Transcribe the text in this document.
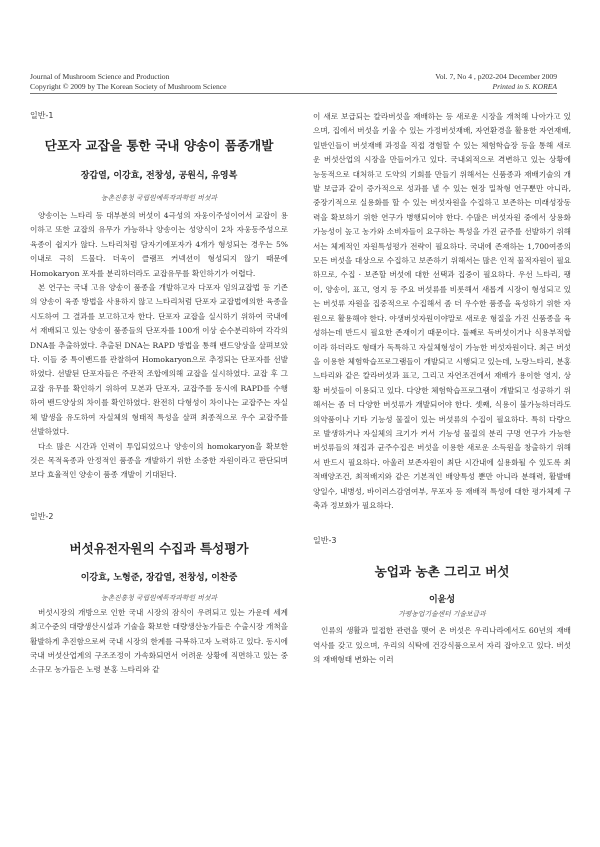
Journal of Mushroom Science and Production
Copyright © 2009 by The Korean Society of Mushroom Science
Vol. 7, No 4 , p202-204 December 2009
Printed in S. KOREA
일반-1
단포자 교잡을 통한 국내 양송이 품종개발
장갑열, 이강효, 전창성, 공원식, 유영복
농촌진흥청 국립원예특작과학원 버섯과

양송이는 느타리 등 대부분의 버섯이 4극성의 자웅이주성이어서 교잡이 용이하고 또한 교잡의 유무가 가능하나 양송이는 성양식이 2차 자웅동주성으로 육종이 쉽지가 않다. 느타리처럼 담자기에포자가 4개가 형성되는 경우는 5% 이내로 극히 드물다. 더욱이 클램프 커넥션이 형성되지 않기 때문에 Homokaryon 포자를 분리하더라도 교잡유무를 확인하기가 어렵다.

본 연구는 국내 고유 양송이 품종을 개발하고자 다포자 임의교잡법 등 기존의 양송이 육종 방법을 사용하지 않고 느타리처럼 단포자 교잡법에의한 육종을 시도하여 그 결과를 보고하고자 한다. 단포자 교잡을 실시하기 위하여 국내에서 재배되고 있는 양송이 품종들의 단포자를 100개 이상 순수분리하여 각각의 DNA를 추출하였다. 추출된 DNA는 RAPD 방법을 통해 밴드양상을 살펴보았다. 이들 중 특이밴드를 관찰하여 Homokaryon으로 추정되는 단포자를 선발하였다. 선발된 단포자들은 주관적 조합에의해 교잡을 실시하였다. 교잡 후 그 교잡 유무를 확인하기 위하여 모본과 단포자, 교잡주를 동시에 RAPD를 수행하여 밴드양상의 차이를 확인하였다. 완전히 다형성이 차이나는 교잡주는 자실체 발생을 유도하여 자실체의 형태적 특성을 살펴 최종적으로 우수 교잡주를 선발하였다.

다소 많은 시간과 인력이 투입되었으나 양송이의 homokaryon을 확보한 것은 목적육종과 안정적인 품종을 개발하기 위한 소중한 자원이라고 판단되며 보다 효율적인 양송이 품종 개발이 기대된다.

일반-2
버섯유전자원의 수집과 특성평가
이강효, 노형준, 장갑열, 전창성, 이찬중
농촌진흥청 국립원예특작과학원 버섯과

버섯시장의 개방으로 인한 국내 시장의 잠식이 우려되고 있는 가운데 세계 최고수준의 대량생산시설과 기술을 확보한 대량생산농가들은 수출시장 개척을 활발하게 추진함으로써 국내 시장의 한계를 극복하고자 노력하고 있다. 동시에 국내 버섯산업계의 구조조정이 가속화되면서 어려운 상황에 직면하고 있는 중소규모 농가들은 노령 분홍 느타리와 같

이 새로 보급되는 칼라버섯을 재배하는 등 새로운 시장을 개척해 나아가고 있으며, 집에서 버섯을 키울 수 있는 가정버섯재배, 자연환경을 활용한 자연재배, 일반인들이 버섯재배 과정을 직접 경험할 수 있는 체험학습장 등을 통해 새로운 버섯산업의 시장을 만들어가고 있다. 국내외적으로 격변하고 있는 상황에 능동적으로 대처하고 도약의 기회를 만들기 위해서는 신품종과 재배기술의 개발 보급과 같이 증가적으로 성과를 낼 수 있는 현장 밀착형 연구뿐만 아니라, 중장기적으로 실용화를 할 수 있는 버섯자원을 수집하고 보존하는 미래성장동력을 확보하기 위한 연구가 병행되어야 한다. 수많은 버섯자원 중에서 상용화 가능성이 높고 농가와 소비자들이 요구하는 특성을 가진 균주를 선발하기 위해서는 체계적인 자원특성평가 전략이 필요하다. 국내에 존재하는 1,700여종의 모든 버섯을 대상으로 수집하고 보존하기 위해서는 많은 인적 물적자원이 필요하므로, 수집 · 보존할 버섯에 대한 선택과 집중이 필요하다. 우선 느타리, 팽이, 양송이, 표고, 영지 등 주요 버섯류를 비롯해서 새롭게 시장이 형성되고 있는 버섯류 자원을 집중적으로 수집해서 좀 더 우수한 품종을 육성하기 위한 자원으로 활용해야 한다. 야생버섯자원이야말로 새로운 형질을 가진 신품종을 육성하는데 반드시 필요한 존재이기 때문이다. 둘째로 독버섯이거나 식용부적합이라 하더라도 형태가 독특하고 자실체형성이 가능한 버섯자원이다. 최근 버섯을 이용한 체험학습프로그램들이 개발되고 시행되고 있는데, 노랑느타리, 분홍느타리와 같은 칼라버섯과 표고, 그리고 자연조건에서 재배가 용이한 영지, 상황 버섯들이 이용되고 있다. 다양한 체험학습프로그램이 개발되고 성공하기 위해서는 좀 더 다양한 버섯류가 개발되어야 한다. 셋째, 식용이 불가능하더라도 의약품이나 기타 기능성 물질이 있는 버섯류의 수집이 필요하다. 특히 다량으로 발생하거나 자실체의 크기가 커서 기능성 물질의 분리 구명 연구가 가능한 버섯류들의 채집과 균주수집은 버섯을 이용한 새로운 소득원을 창출하기 위해서 반드시 필요하다. 아울러 보존자원이 최단 시간내에 실용화될 수 있도록 최적배양조건, 최적배지와 같은 기본적인 배양특성 뿐만 아니라 분해력, 활발배양일수, 내병성, 바이러스감염여부, 무포자 등 재배적 특성에 대한 평가체제 구축과 정보화가 필요하다.

일반-3
농업과 농촌 그리고 버섯
이윤성
가평농업기술센터 기술보급과

인류의 생활과 밀접한 관련을 맺어 온 버섯은 우리나라에서도 60년의 재배역사를 갖고 있으며, 우리의 식탁에 건강식품으로서 자리 잡아오고 있다. 버섯의 재배형태 변화는 이러
